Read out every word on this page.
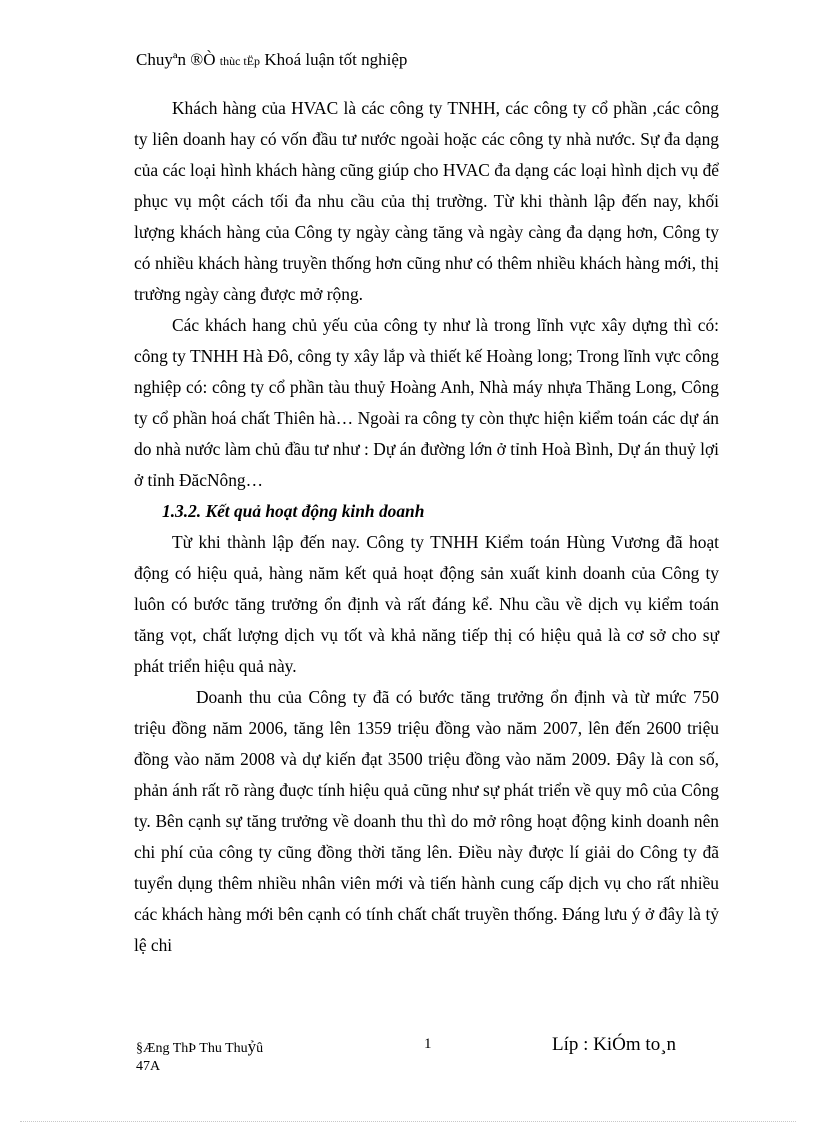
Chuyªn ®Ò thùc tËp Khoá luận tốt nghiệp

Khách hàng của HVAC là các công ty TNHH, các công ty cổ phần ,các công ty liên doanh hay có vốn đầu tư nước ngoài hoặc các công ty nhà nước. Sự đa dạng của các loại hình khách hàng cũng giúp cho HVAC đa dạng các loại hình dịch vụ để phục vụ một cách tối đa nhu cầu của thị trường. Từ khi thành lập đến nay, khối lượng khách hàng của Công ty ngày càng tăng và ngày càng đa dạng hơn, Công ty có nhiều khách hàng truyền thống hơn cũng như có thêm nhiều khách hàng mới, thị trường ngày càng được mở rộng.

Các khách hang chủ yếu của công ty như là trong lĩnh vực xây dựng thì có: công ty TNHH Hà Đô, công ty xây lắp và thiết kế Hoàng long; Trong lĩnh vực công nghiệp có: công ty cổ phần tàu thuỷ Hoàng Anh, Nhà máy nhựa Thăng Long, Công ty cổ phần hoá chất Thiên hà… Ngoài ra công ty còn thực hiện kiểm toán các dự án do nhà nước làm chủ đầu tư như : Dự án đường lớn ở tỉnh Hoà Bình, Dự án thuỷ lợi ở tỉnh ĐăcNông…

1.3.2. Kết quả hoạt động kinh doanh

Từ khi thành lập đến nay. Công ty TNHH Kiểm toán Hùng Vương đã hoạt động có hiệu quả, hàng năm kết quả hoạt động sản xuất kinh doanh của Công ty luôn có bước tăng trưởng ổn định và rất đáng kể. Nhu cầu về dịch vụ kiểm toán tăng vọt, chất lượng dịch vụ tốt và khả năng tiếp thị có hiệu quả là cơ sở cho sự phát triển hiệu quả này.

Doanh thu của Công ty đã có bước tăng trưởng ổn định và từ mức 750 triệu đồng năm 2006, tăng lên 1359 triệu đồng vào năm 2007, lên đến 2600 triệu đồng vào năm 2008 và dự kiến đạt 3500 triệu đồng vào năm 2009. Đây là con số, phản ánh rất rõ ràng đuợc tính hiệu quả cũng như sự phát triển về quy mô của Công ty. Bên cạnh sự tăng trưởng về doanh thu thì do mở rông hoạt động kinh doanh nên chi phí của công ty cũng đồng thời tăng lên. Điều này được lí giải do Công ty đã tuyển dụng thêm nhiều nhân viên mới và tiến hành cung cấp dịch vụ cho rất nhiều các khách hàng mới bên cạnh có tính chất chất truyền thống. Đáng lưu ý ở đây là tỷ lệ chi

§Æng ThÞ Thu Thuỷû
47A
1	Líp : KiÓm to¸n
